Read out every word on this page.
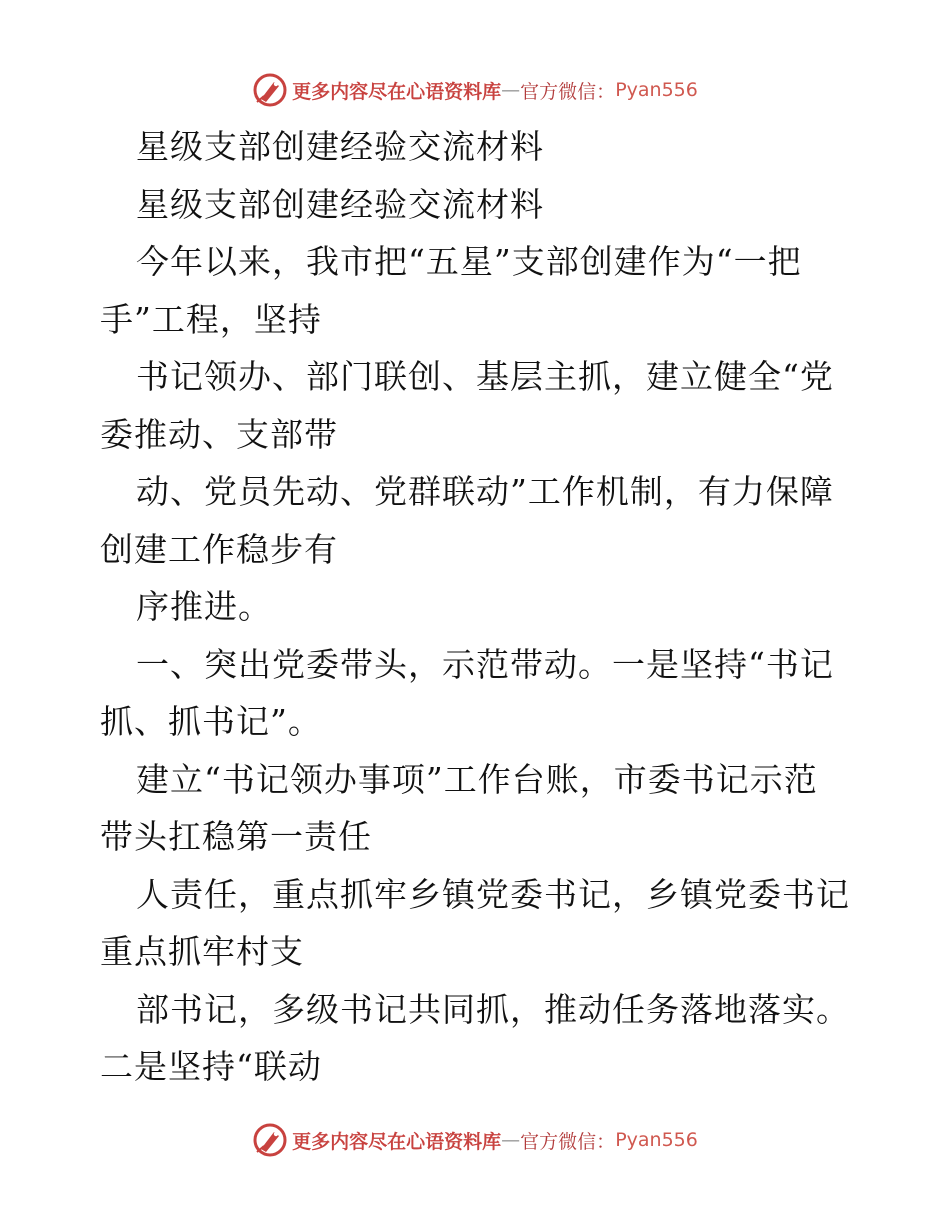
更多内容尽在心语资料库 — 官方微信： Pyan556
星级支部创建经验交流材料
星级支部创建经验交流材料
今年以来，我市把“五星”支部创建作为“一把
手”工程，坚持
书记领办、部门联创、基层主抓，建立健全“党
委推动、支部带
动、党员先动、党群联动”工作机制，有力保障
创建工作稳步有
序推进。
一、突出党委带头，示范带动。一是坚持“书记
抓、抓书记”。
建立“书记领办事项”工作台账，市委书记示范
带头扛稳第一责任
人责任，重点抓牢乡镇党委书记，乡镇党委书记
重点抓牢村支
部书记，多级书记共同抓，推动任务落地落实。
二是坚持“联动
更多内容尽在心语资料库 — 官方微信： Pyan556
